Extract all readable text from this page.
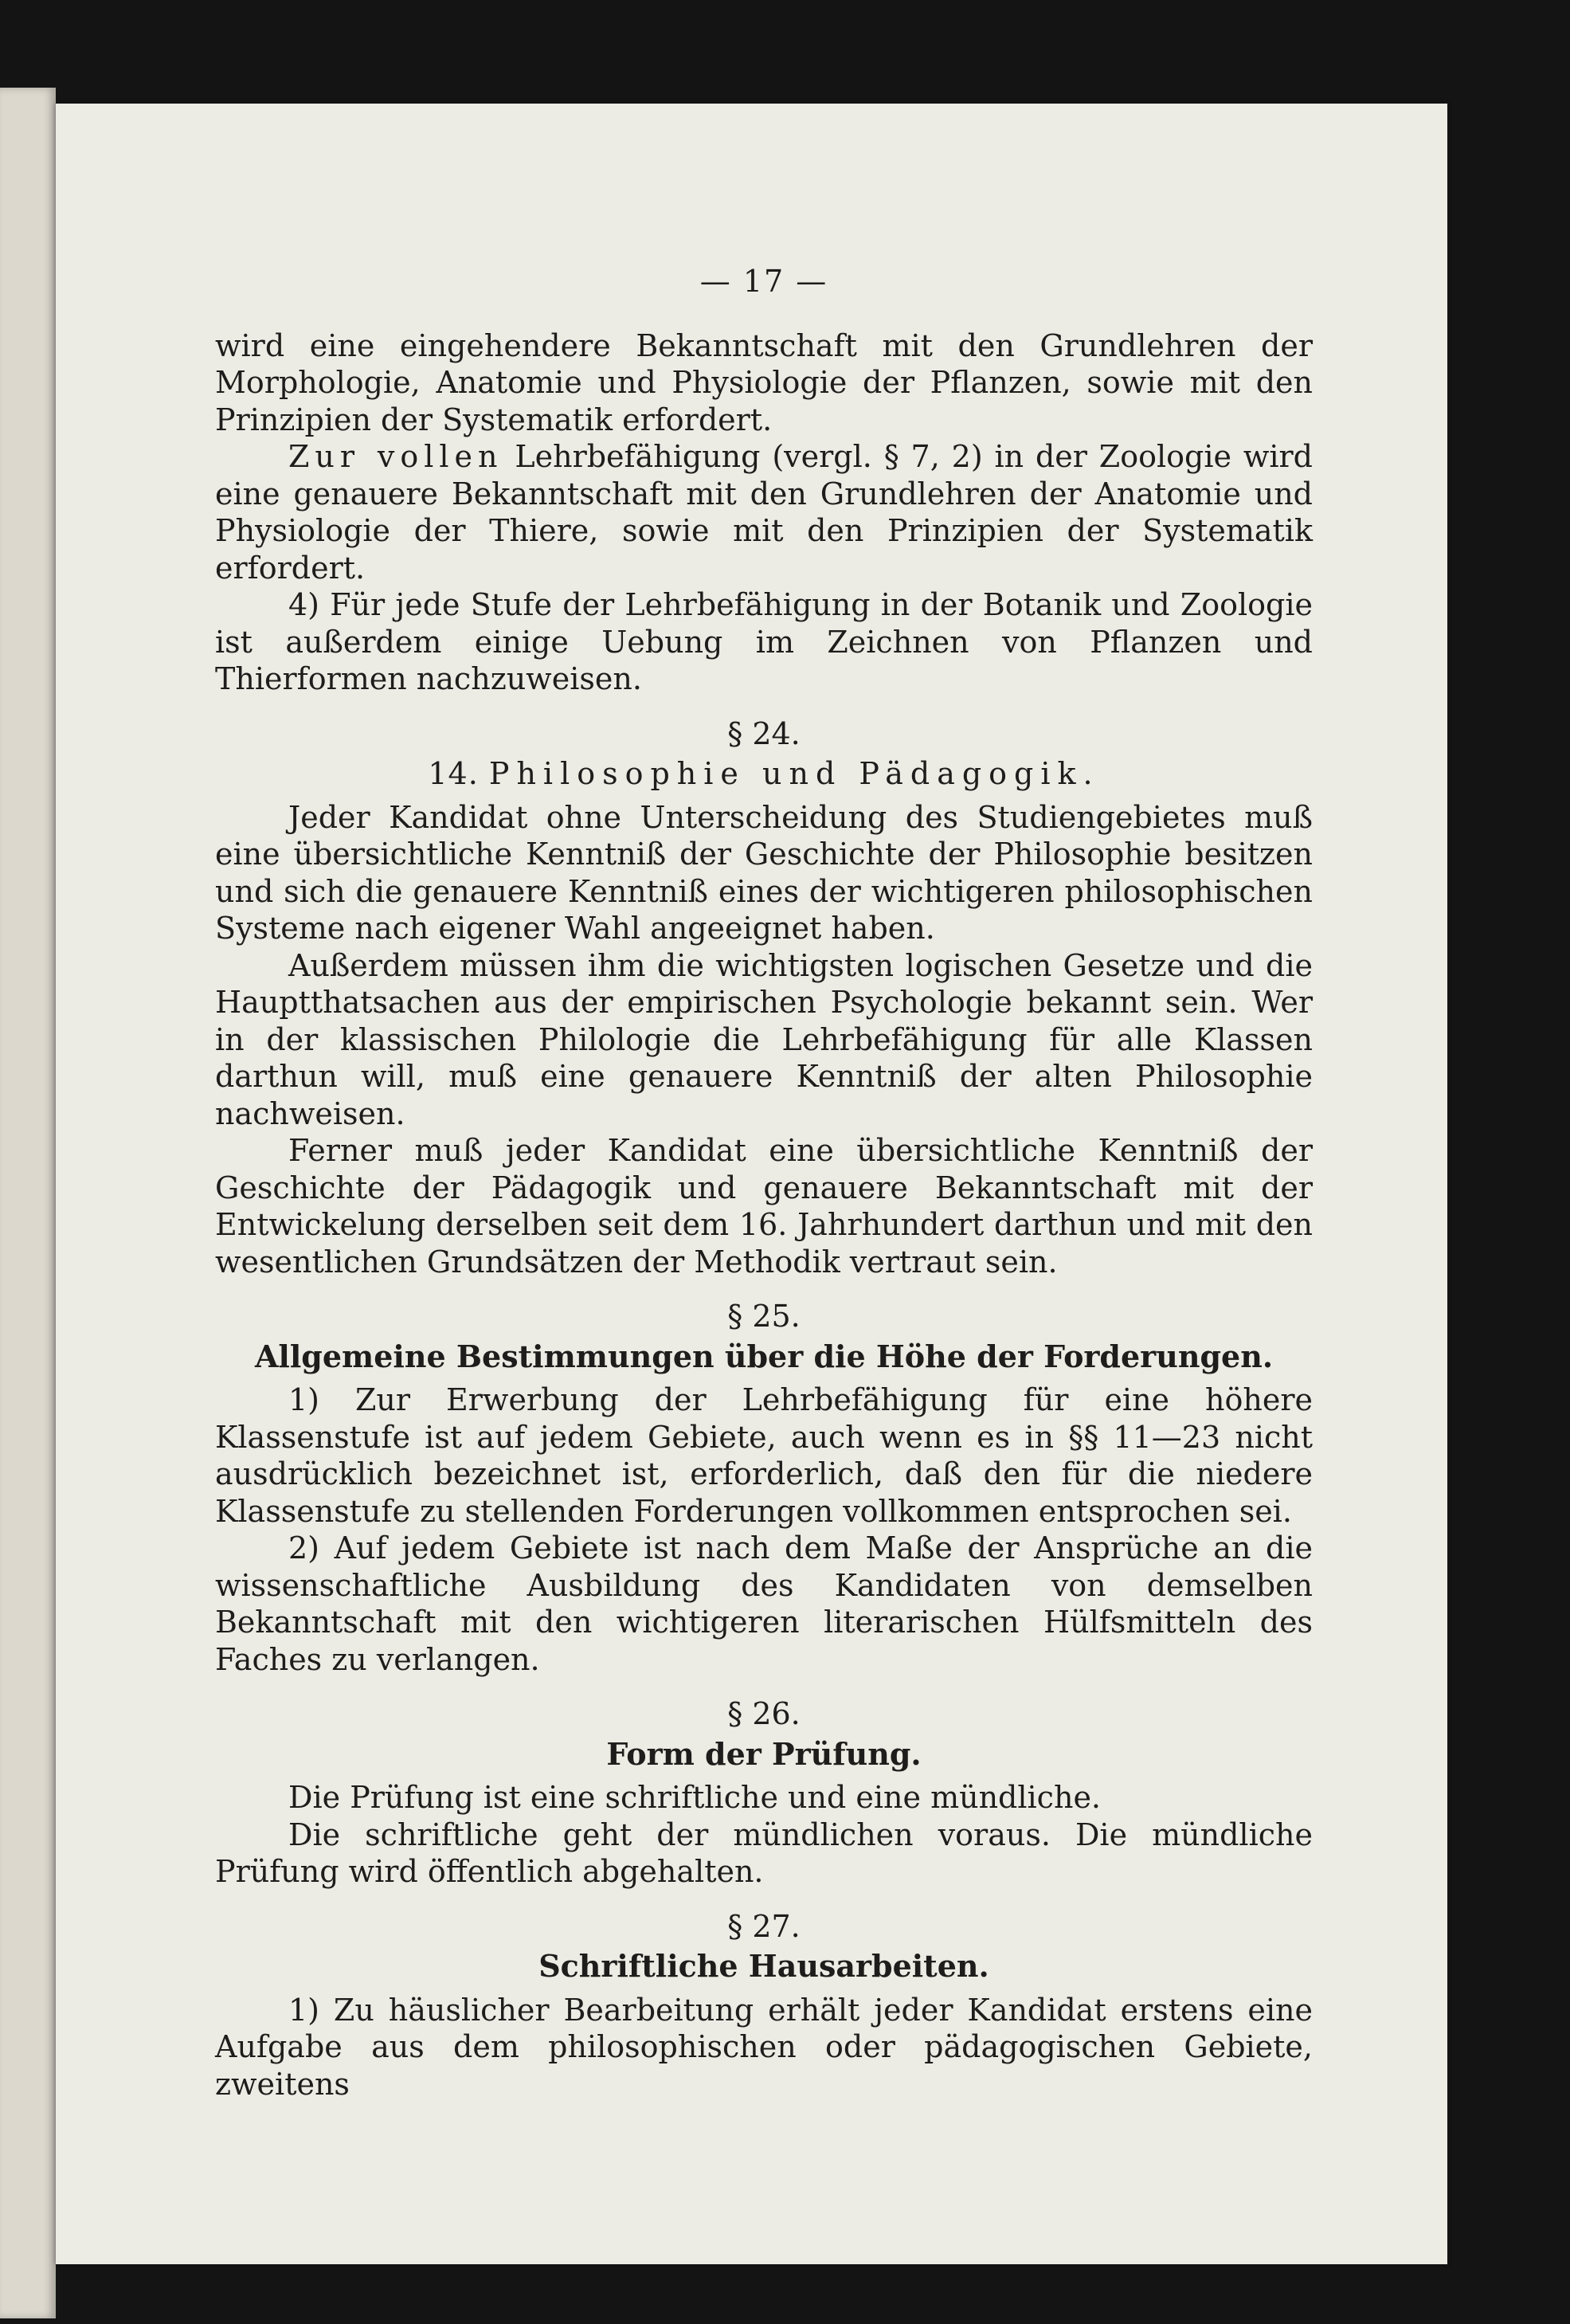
— 17 —

wird eine eingehendere Bekanntschaft mit den Grundlehren der Morphologie, Anatomie und Physiologie der Pflanzen, sowie mit den Prinzipien der Systematik erfordert.

Zur vollen Lehrbefähigung (vergl. § 7, 2) in der Zoologie wird eine genauere Bekanntschaft mit den Grundlehren der Anatomie und Physiologie der Thiere, sowie mit den Prinzipien der Systematik erfordert.

4) Für jede Stufe der Lehrbefähigung in der Botanik und Zoologie ist außerdem einige Uebung im Zeichnen von Pflanzen und Thierformen nachzuweisen.

§ 24.
14. Philosophie und Pädagogik.

Jeder Kandidat ohne Unterscheidung des Studiengebietes muß eine übersichtliche Kenntniß der Geschichte der Philosophie besitzen und sich die genauere Kenntniß eines der wichtigeren philosophischen Systeme nach eigener Wahl angeeignet haben.

Außerdem müssen ihm die wichtigsten logischen Gesetze und die Hauptthatsachen aus der empirischen Psychologie bekannt sein. Wer in der klassischen Philologie die Lehrbefähigung für alle Klassen darthun will, muß eine genauere Kenntniß der alten Philosophie nachweisen.

Ferner muß jeder Kandidat eine übersichtliche Kenntniß der Geschichte der Pädagogik und genauere Bekanntschaft mit der Entwickelung derselben seit dem 16. Jahrhundert darthun und mit den wesentlichen Grundsätzen der Methodik vertraut sein.

§ 25.
Allgemeine Bestimmungen über die Höhe der Forderungen.

1) Zur Erwerbung der Lehrbefähigung für eine höhere Klassenstufe ist auf jedem Gebiete, auch wenn es in §§ 11—23 nicht ausdrücklich bezeichnet ist, erforderlich, daß den für die niedere Klassenstufe zu stellenden Forderungen vollkommen entsprochen sei.

2) Auf jedem Gebiete ist nach dem Maße der Ansprüche an die wissenschaftliche Ausbildung des Kandidaten von demselben Bekanntschaft mit den wichtigeren literarischen Hülfsmitteln des Faches zu verlangen.

§ 26.
Form der Prüfung.

Die Prüfung ist eine schriftliche und eine mündliche.

Die schriftliche geht der mündlichen voraus. Die mündliche Prüfung wird öffentlich abgehalten.

§ 27.
Schriftliche Hausarbeiten.

1) Zu häuslicher Bearbeitung erhält jeder Kandidat erstens eine Aufgabe aus dem philosophischen oder pädagogischen Gebiete, zweitens
